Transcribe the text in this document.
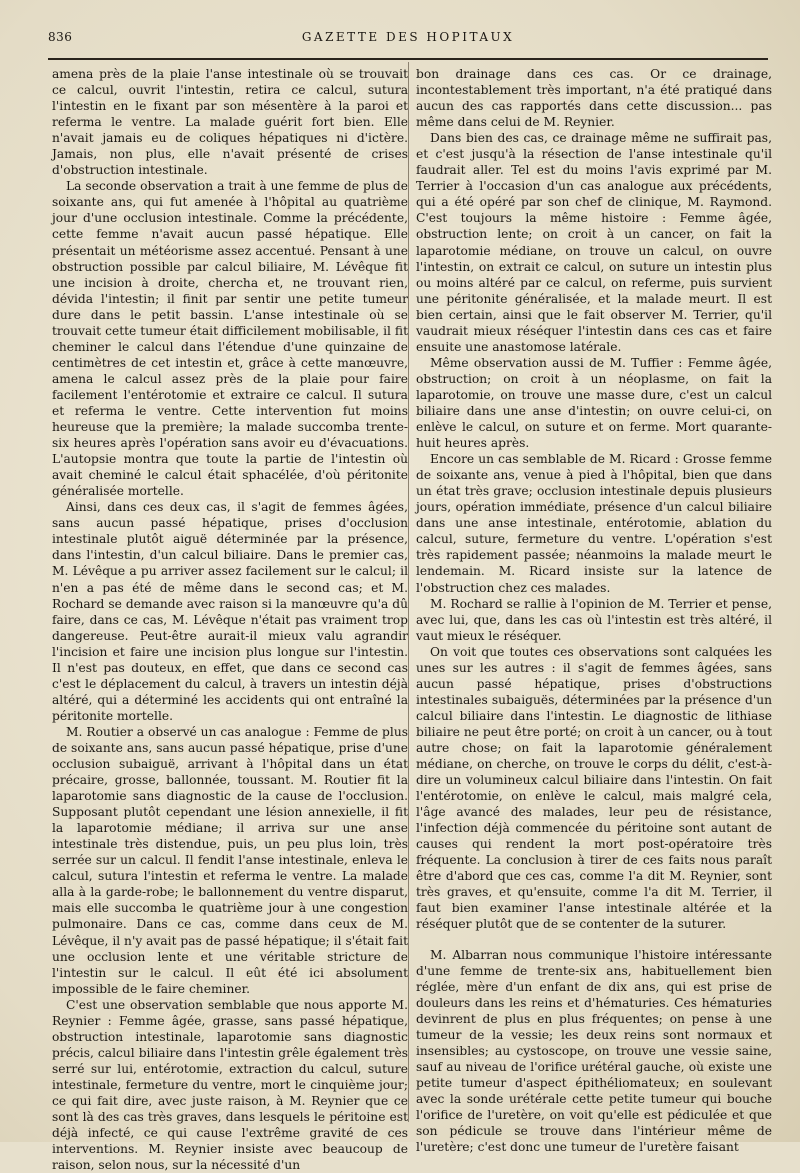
836	GAZETTE DES HOPITAUX

amena près de la plaie l'anse intestinale où se trouvait ce calcul, ouvrit l'intestin, retira ce calcul, sutura l'intestin en le fixant par son mésentère à la paroi et referma le ventre. La malade guérit fort bien. Elle n'avait jamais eu de coliques hépatiques ni d'ictère. Jamais, non plus, elle n'avait présenté de crises d'obstruction intestinale.

La seconde observation a trait à une femme de plus de soixante ans, qui fut amenée à l'hôpital au quatrième jour d'une occlusion intestinale. Comme la précédente, cette femme n'avait aucun passé hépatique. Elle présentait un météorisme assez accentué. Pensant à une obstruction possible par calcul biliaire, M. Lévêque fit une incision à droite, chercha et, ne trouvant rien, dévida l'intestin; il finit par sentir une petite tumeur dure dans le petit bassin. L'anse intestinale où se trouvait cette tumeur était difficilement mobilisable, il fit cheminer le calcul dans l'étendue d'une quinzaine de centimètres de cet intestin et, grâce à cette manœuvre, amena le calcul assez près de la plaie pour faire facilement l'entérotomie et extraire ce calcul. Il sutura et referma le ventre. Cette intervention fut moins heureuse que la première; la malade succomba trente-six heures après l'opération sans avoir eu d'évacuations. L'autopsie montra que toute la partie de l'intestin où avait cheminé le calcul était sphacélée, d'où péritonite généralisée mortelle.

Ainsi, dans ces deux cas, il s'agit de femmes âgées, sans aucun passé hépatique, prises d'occlusion intestinale plutôt aiguë déterminée par la présence, dans l'intestin, d'un calcul biliaire. Dans le premier cas, M. Lévêque a pu arriver assez facilement sur le calcul; il n'en a pas été de même dans le second cas; et M. Rochard se demande avec raison si la manœuvre qu'a dû faire, dans ce cas, M. Lévêque n'était pas vraiment trop dangereuse. Peut-être aurait-il mieux valu agrandir l'incision et faire une incision plus longue sur l'intestin. Il n'est pas douteux, en effet, que dans ce second cas c'est le déplacement du calcul, à travers un intestin déjà altéré, qui a déterminé les accidents qui ont entraîné la péritonite mortelle.

M. Routier a observé un cas analogue : Femme de plus de soixante ans, sans aucun passé hépatique, prise d'une occlusion subaiguë, arrivant à l'hôpital dans un état précaire, grosse, ballonnée, toussant. M. Routier fit la laparotomie sans diagnostic de la cause de l'occlusion. Supposant plutôt cependant une lésion annexielle, il fit la laparotomie médiane; il arriva sur une anse intestinale très distendue, puis, un peu plus loin, très serrée sur un calcul. Il fendit l'anse intestinale, enleva le calcul, sutura l'intestin et referma le ventre. La malade alla à la garde-robe; le ballonnement du ventre disparut, mais elle succomba le quatrième jour à une congestion pulmonaire. Dans ce cas, comme dans ceux de M. Lévêque, il n'y avait pas de passé hépatique; il s'était fait une occlusion lente et une véritable stricture de l'intestin sur le calcul. Il eût été ici absolument impossible de le faire cheminer.

C'est une observation semblable que nous apporte M. Reynier : Femme âgée, grasse, sans passé hépatique, obstruction intestinale, laparotomie sans diagnostic précis, calcul biliaire dans l'intestin grêle également très serré sur lui, entérotomie, extraction du calcul, suture intestinale, fermeture du ventre, mort le cinquième jour; ce qui fait dire, avec juste raison, à M. Reynier que ce sont là des cas très graves, dans lesquels le péritoine est déjà infecté, ce qui cause l'extrême gravité de ces interventions. M. Reynier insiste avec beaucoup de raison, selon nous, sur la nécessité d'un

bon drainage dans ces cas. Or ce drainage, incontestablement très important, n'a été pratiqué dans aucun des cas rapportés dans cette discussion... pas même dans celui de M. Reynier.

Dans bien des cas, ce drainage même ne suffirait pas, et c'est jusqu'à la résection de l'anse intestinale qu'il faudrait aller. Tel est du moins l'avis exprimé par M. Terrier à l'occasion d'un cas analogue aux précédents, qui a été opéré par son chef de clinique, M. Raymond. C'est toujours la même histoire : Femme âgée, obstruction lente; on croit à un cancer, on fait la laparotomie médiane, on trouve un calcul, on ouvre l'intestin, on extrait ce calcul, on suture un intestin plus ou moins altéré par ce calcul, on referme, puis survient une péritonite généralisée, et la malade meurt. Il est bien certain, ainsi que le fait observer M. Terrier, qu'il vaudrait mieux réséquer l'intestin dans ces cas et faire ensuite une anastomose latérale.

Même observation aussi de M. Tuffier : Femme âgée, obstruction; on croit à un néoplasme, on fait la laparotomie, on trouve une masse dure, c'est un calcul biliaire dans une anse d'intestin; on ouvre celui-ci, on enlève le calcul, on suture et on ferme. Mort quarante-huit heures après.

Encore un cas semblable de M. Ricard : Grosse femme de soixante ans, venue à pied à l'hôpital, bien que dans un état très grave; occlusion intestinale depuis plusieurs jours, opération immédiate, présence d'un calcul biliaire dans une anse intestinale, entérotomie, ablation du calcul, suture, fermeture du ventre. L'opération s'est très rapidement passée; néanmoins la malade meurt le lendemain. M. Ricard insiste sur la latence de l'obstruction chez ces malades.

M. Rochard se rallie à l'opinion de M. Terrier et pense, avec lui, que, dans les cas où l'intestin est très altéré, il vaut mieux le réséquer.

On voit que toutes ces observations sont calquées les unes sur les autres : il s'agit de femmes âgées, sans aucun passé hépatique, prises d'obstructions intestinales subaiguës, déterminées par la présence d'un calcul biliaire dans l'intestin. Le diagnostic de lithiase biliaire ne peut être porté; on croit à un cancer, ou à tout autre chose; on fait la laparotomie généralement médiane, on cherche, on trouve le corps du délit, c'est-à-dire un volumineux calcul biliaire dans l'intestin. On fait l'entérotomie, on enlève le calcul, mais malgré cela, l'âge avancé des malades, leur peu de résistance, l'infection déjà commencée du péritoine sont autant de causes qui rendent la mort post-opératoire très fréquente. La conclusion à tirer de ces faits nous paraît être d'abord que ces cas, comme l'a dit M. Reynier, sont très graves, et qu'ensuite, comme l'a dit M. Terrier, il faut bien examiner l'anse intestinale altérée et la réséquer plutôt que de se contenter de la suturer.

M. Albarran nous communique l'histoire intéressante d'une femme de trente-six ans, habituellement bien réglée, mère d'un enfant de dix ans, qui est prise de douleurs dans les reins et d'hématuries. Ces hématuries devinrent de plus en plus fréquentes; on pense à une tumeur de la vessie; les deux reins sont normaux et insensibles; au cystoscope, on trouve une vessie saine, sauf au niveau de l'orifice urétéral gauche, où existe une petite tumeur d'aspect épithéliomateux; en soulevant avec la sonde urétérale cette petite tumeur qui bouche l'orifice de l'uretère, on voit qu'elle est pédiculée et que son pédicule se trouve dans l'intérieur même de l'uretère; c'est donc une tumeur de l'uretère faisant
